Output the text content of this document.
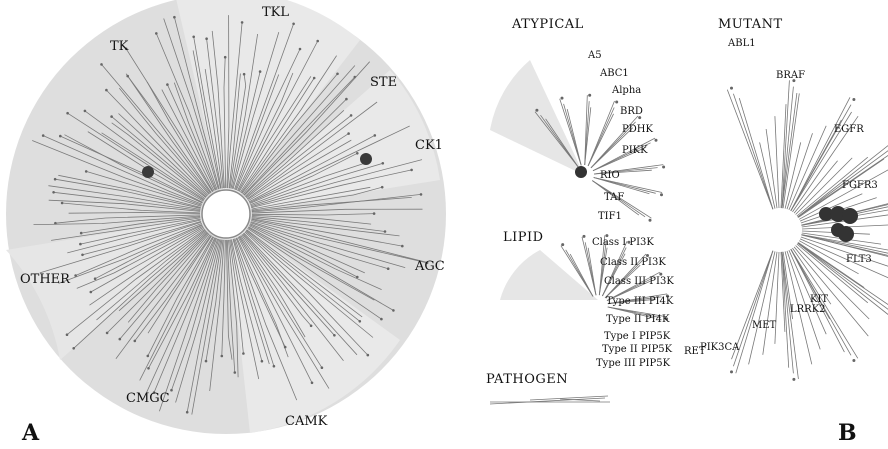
TKL
TK
STE
CK1
AGC
CAMK
CMGC
OTHER
A
ATYPICAL
A5
ABC1
Alpha
BRD
PDHK
PIKK
RIO
TAF
TIF1
LIPID	Class I PI3K
Class II PI3K
Class III PI3K
Type III PI4K
Type II PI4K
Type I PIP5K
Type II PIP5K
Type III PIP5K
PATHOGEN
MUTANT
ABL1
BRAF
EGFR
FGFR3
FLT3
KIT
LRRK2
MET
PIK3CA
RET
B
